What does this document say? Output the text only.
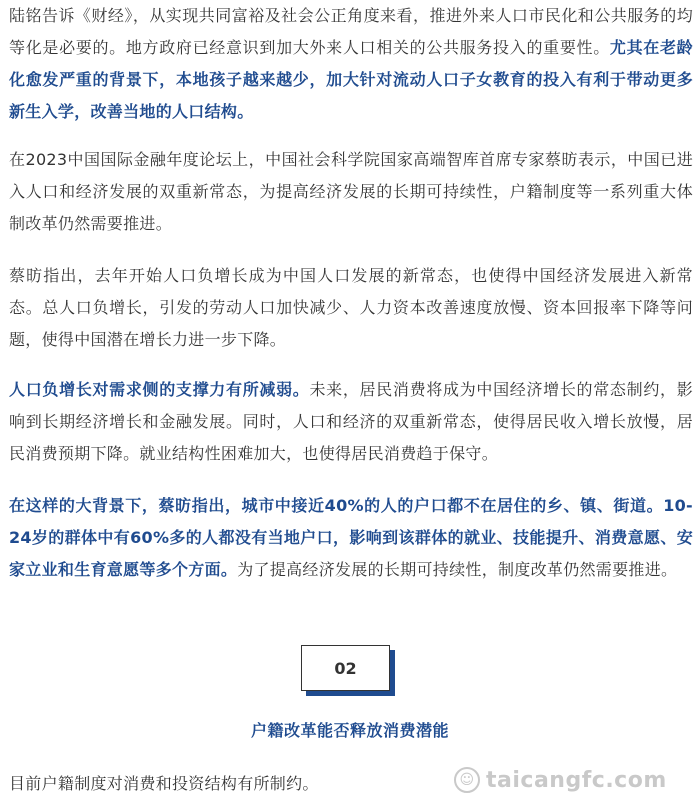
陆铭告诉《财经》，从实现共同富裕及社会公正角度来看，推进外来人口市民化和公共服务的均等化是必要的。地方政府已经意识到加大外来人口相关的公共服务投入的重要性。尤其在老龄化愈发严重的背景下，本地孩子越来越少，加大针对流动人口子女教育的投入有利于带动更多新生入学，改善当地的人口结构。

在2023中国国际金融年度论坛上，中国社会科学院国家高端智库首席专家蔡昉表示，中国已进入人口和经济发展的双重新常态，为提高经济发展的长期可持续性，户籍制度等一系列重大体制改革仍然需要推进。

蔡昉指出，去年开始人口负增长成为中国人口发展的新常态，也使得中国经济发展进入新常态。总人口负增长，引发的劳动人口加快减少、人力资本改善速度放慢、资本回报率下降等问题，使得中国潜在增长力进一步下降。

人口负增长对需求侧的支撑力有所减弱。未来，居民消费将成为中国经济增长的常态制约，影响到长期经济增长和金融发展。同时，人口和经济的双重新常态，使得居民收入增长放慢，居民消费预期下降。就业结构性困难加大，也使得居民消费趋于保守。

在这样的大背景下，蔡昉指出，城市中接近40%的人的户口都不在居住的乡、镇、街道。10-24岁的群体中有60%多的人都没有当地户口，影响到该群体的就业、技能提升、消费意愿、安家立业和生育意愿等多个方面。为了提高经济发展的长期可持续性，制度改革仍然需要推进。

02
户籍改革能否释放消费潜能

目前户籍制度对消费和投资结构有所制约。	☺ taicangfc.com
